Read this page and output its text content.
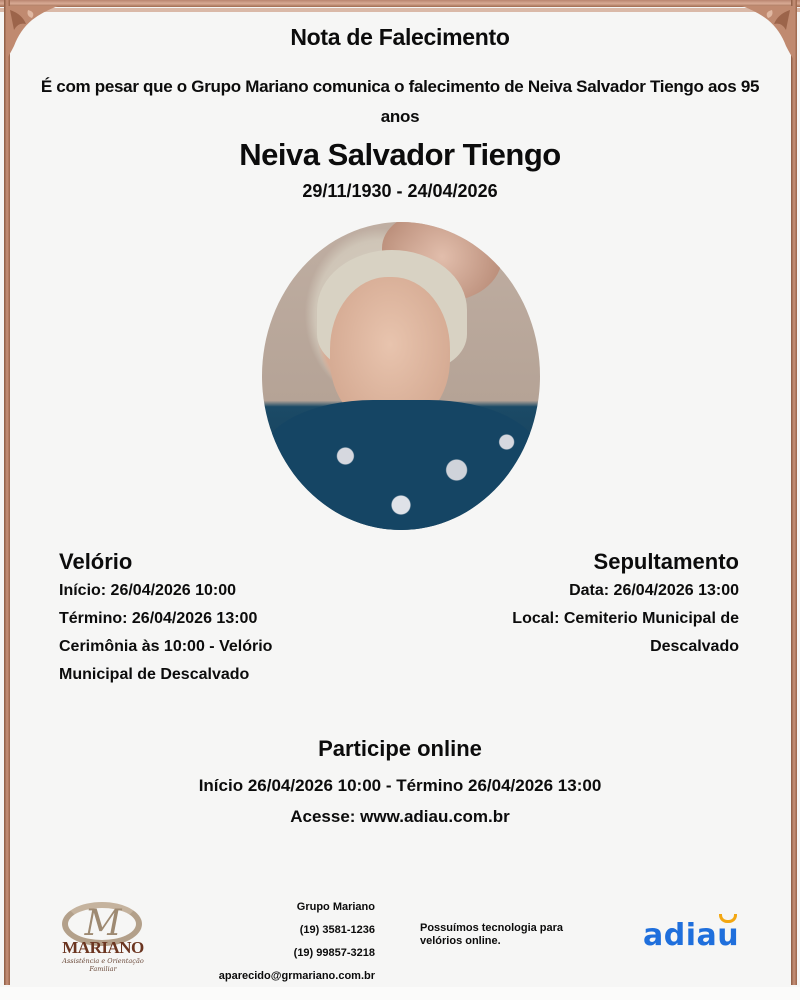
Nota de Falecimento
É com pesar que o Grupo Mariano comunica o falecimento de Neiva Salvador Tiengo aos 95 anos
Neiva Salvador Tiengo
29/11/1930 - 24/04/2026
Velório
Início: 26/04/2026 10:00
Término: 26/04/2026 13:00
Cerimônia às 10:00 - Velório
Municipal de Descalvado
Sepultamento
Data: 26/04/2026 13:00
Local: Cemiterio Municipal de
Descalvado
Participe online
Início 26/04/2026 10:00 - Término 26/04/2026 13:00
Acesse: www.adiau.com.br
M
MARIANO
Assistência e Orientação Familiar
Grupo Mariano
(19) 3581-1236
(19) 99857-3218
aparecido@grmariano.com.br
Possuímos tecnologia para velórios online.	adia
u
